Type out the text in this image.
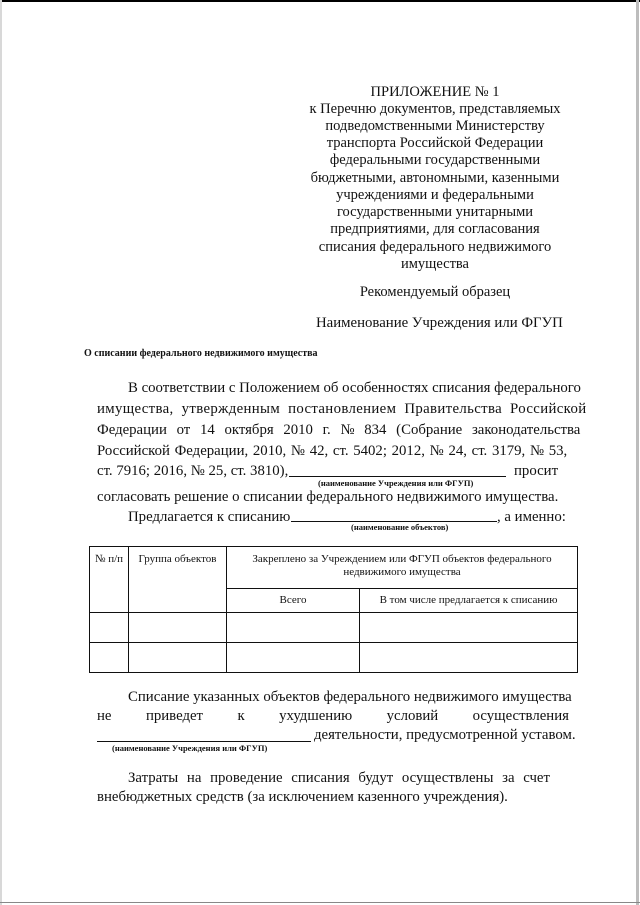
ПРИЛОЖЕНИЕ № 1
к Перечню документов, представляемых
подведомственными Министерству
транспорта Российской Федерации
федеральными государственными
бюджетными, автономными, казенными
учреждениями и федеральными
государственными унитарными
предприятиями, для согласования
списания федерального недвижимого
имущества
Рекомендуемый образец
Наименование Учреждения или ФГУП
О списании федерального недвижимого имущества
В соответствии с Положением об особенностях списания федерального
имущества, утвержденным постановлением Правительства Российской
Федерации от 14 октября 2010 г. № 834 (Собрание законодательства
Российской Федерации, 2010, № 42, ст. 5402; 2012, № 24, ст. 3179, № 53,
ст. 7916; 2016, № 25, ст. 3810),	просит
(наименование Учреждения или ФГУП)
согласовать решение о списании федерального недвижимого имущества.
Предлагается к списанию	, а именно:
(наименование объектов)
№ п/п	Группа объектов	Закреплено за Учреждением или ФГУП объектов федерального недвижимого имущества	
		Всего	В том числе предлагается к списанию

Списание указанных объектов федерального недвижимого имущества
не приведет к ухудшению условий осуществления
деятельности, предусмотренной уставом.
(наименование Учреждения или ФГУП)
Затраты на проведение списания будут осуществлены за счет
внебюджетных средств (за исключением казенного учреждения).
